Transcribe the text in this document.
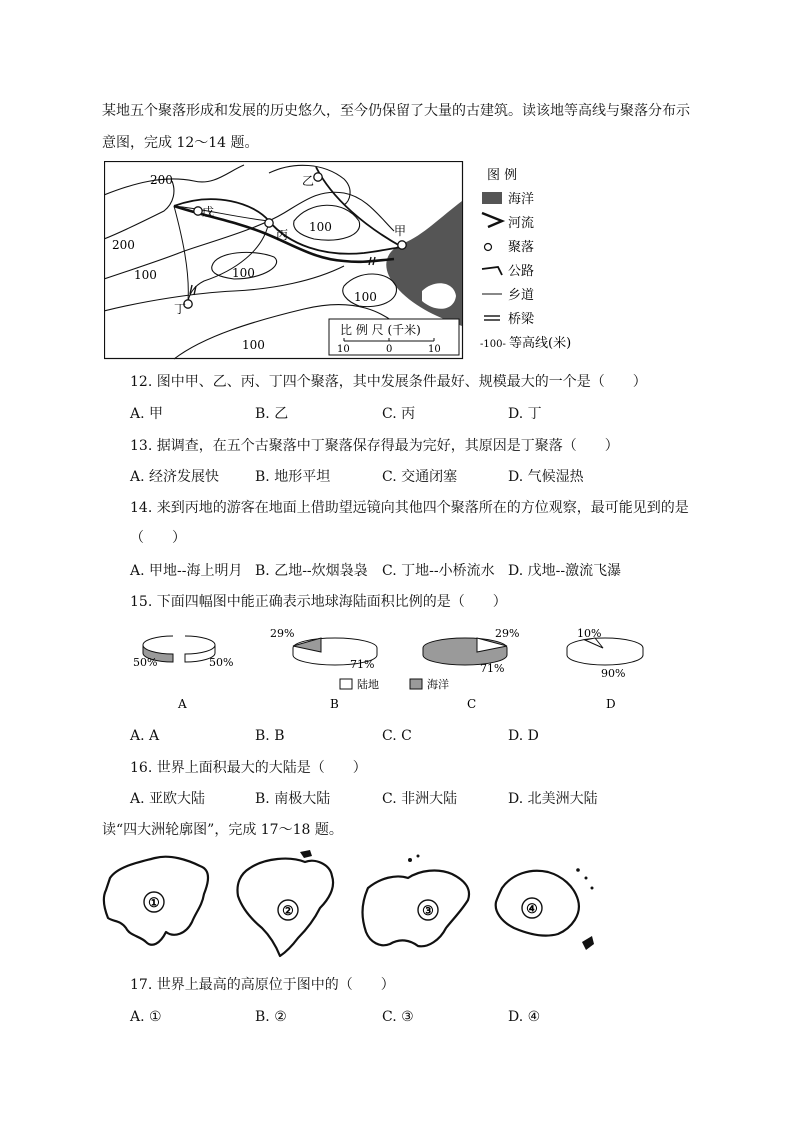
某地五个聚落形成和发展的历史悠久，至今仍保留了大量的古建筑。读该地等高线与聚落分布示
意图，完成 12～14 题。
200
200
100	100
100
100
100
甲
乙
丙
丁
戊
比 例 尺 (千米)
10	0	10
图 例
海洋
河流
聚落
公路
乡道
桥梁
-100- 等高线(米)
12. 图中甲、乙、丙、丁四个聚落，其中发展条件最好、规模最大的一个是（　　）
A. 甲	B. 乙	C. 丙	D. 丁
13. 据调查，在五个古聚落中丁聚落保存得最为完好，其原因是丁聚落（　　）
A. 经济发展快	B. 地形平坦	C. 交通闭塞	D. 气候湿热
14. 来到丙地的游客在地面上借助望远镜向其他四个聚落所在的方位观察，最可能见到的是
（　　）
A. 甲地--海上明月 B. 乙地--炊烟袅袅 C. 丁地--小桥流水 D. 戊地--激流飞瀑
15. 下面四幅图中能正确表示地球海陆面积比例的是（　　）
50%	50%
A
29%
71%
B
29%
71%
C
10%
90%
D
陆地	海洋
A. A	B. B	C. C	D. D
16. 世界上面积最大的大陆是（　　）
A. 亚欧大陆	B. 南极大陆	C. 非洲大陆	D. 北美洲大陆
读“四大洲轮廓图”，完成 17～18 题。
①
②	③	④
17. 世界上最高的高原位于图中的（　　）
A. ①	B. ②	C. ③	D. ④
